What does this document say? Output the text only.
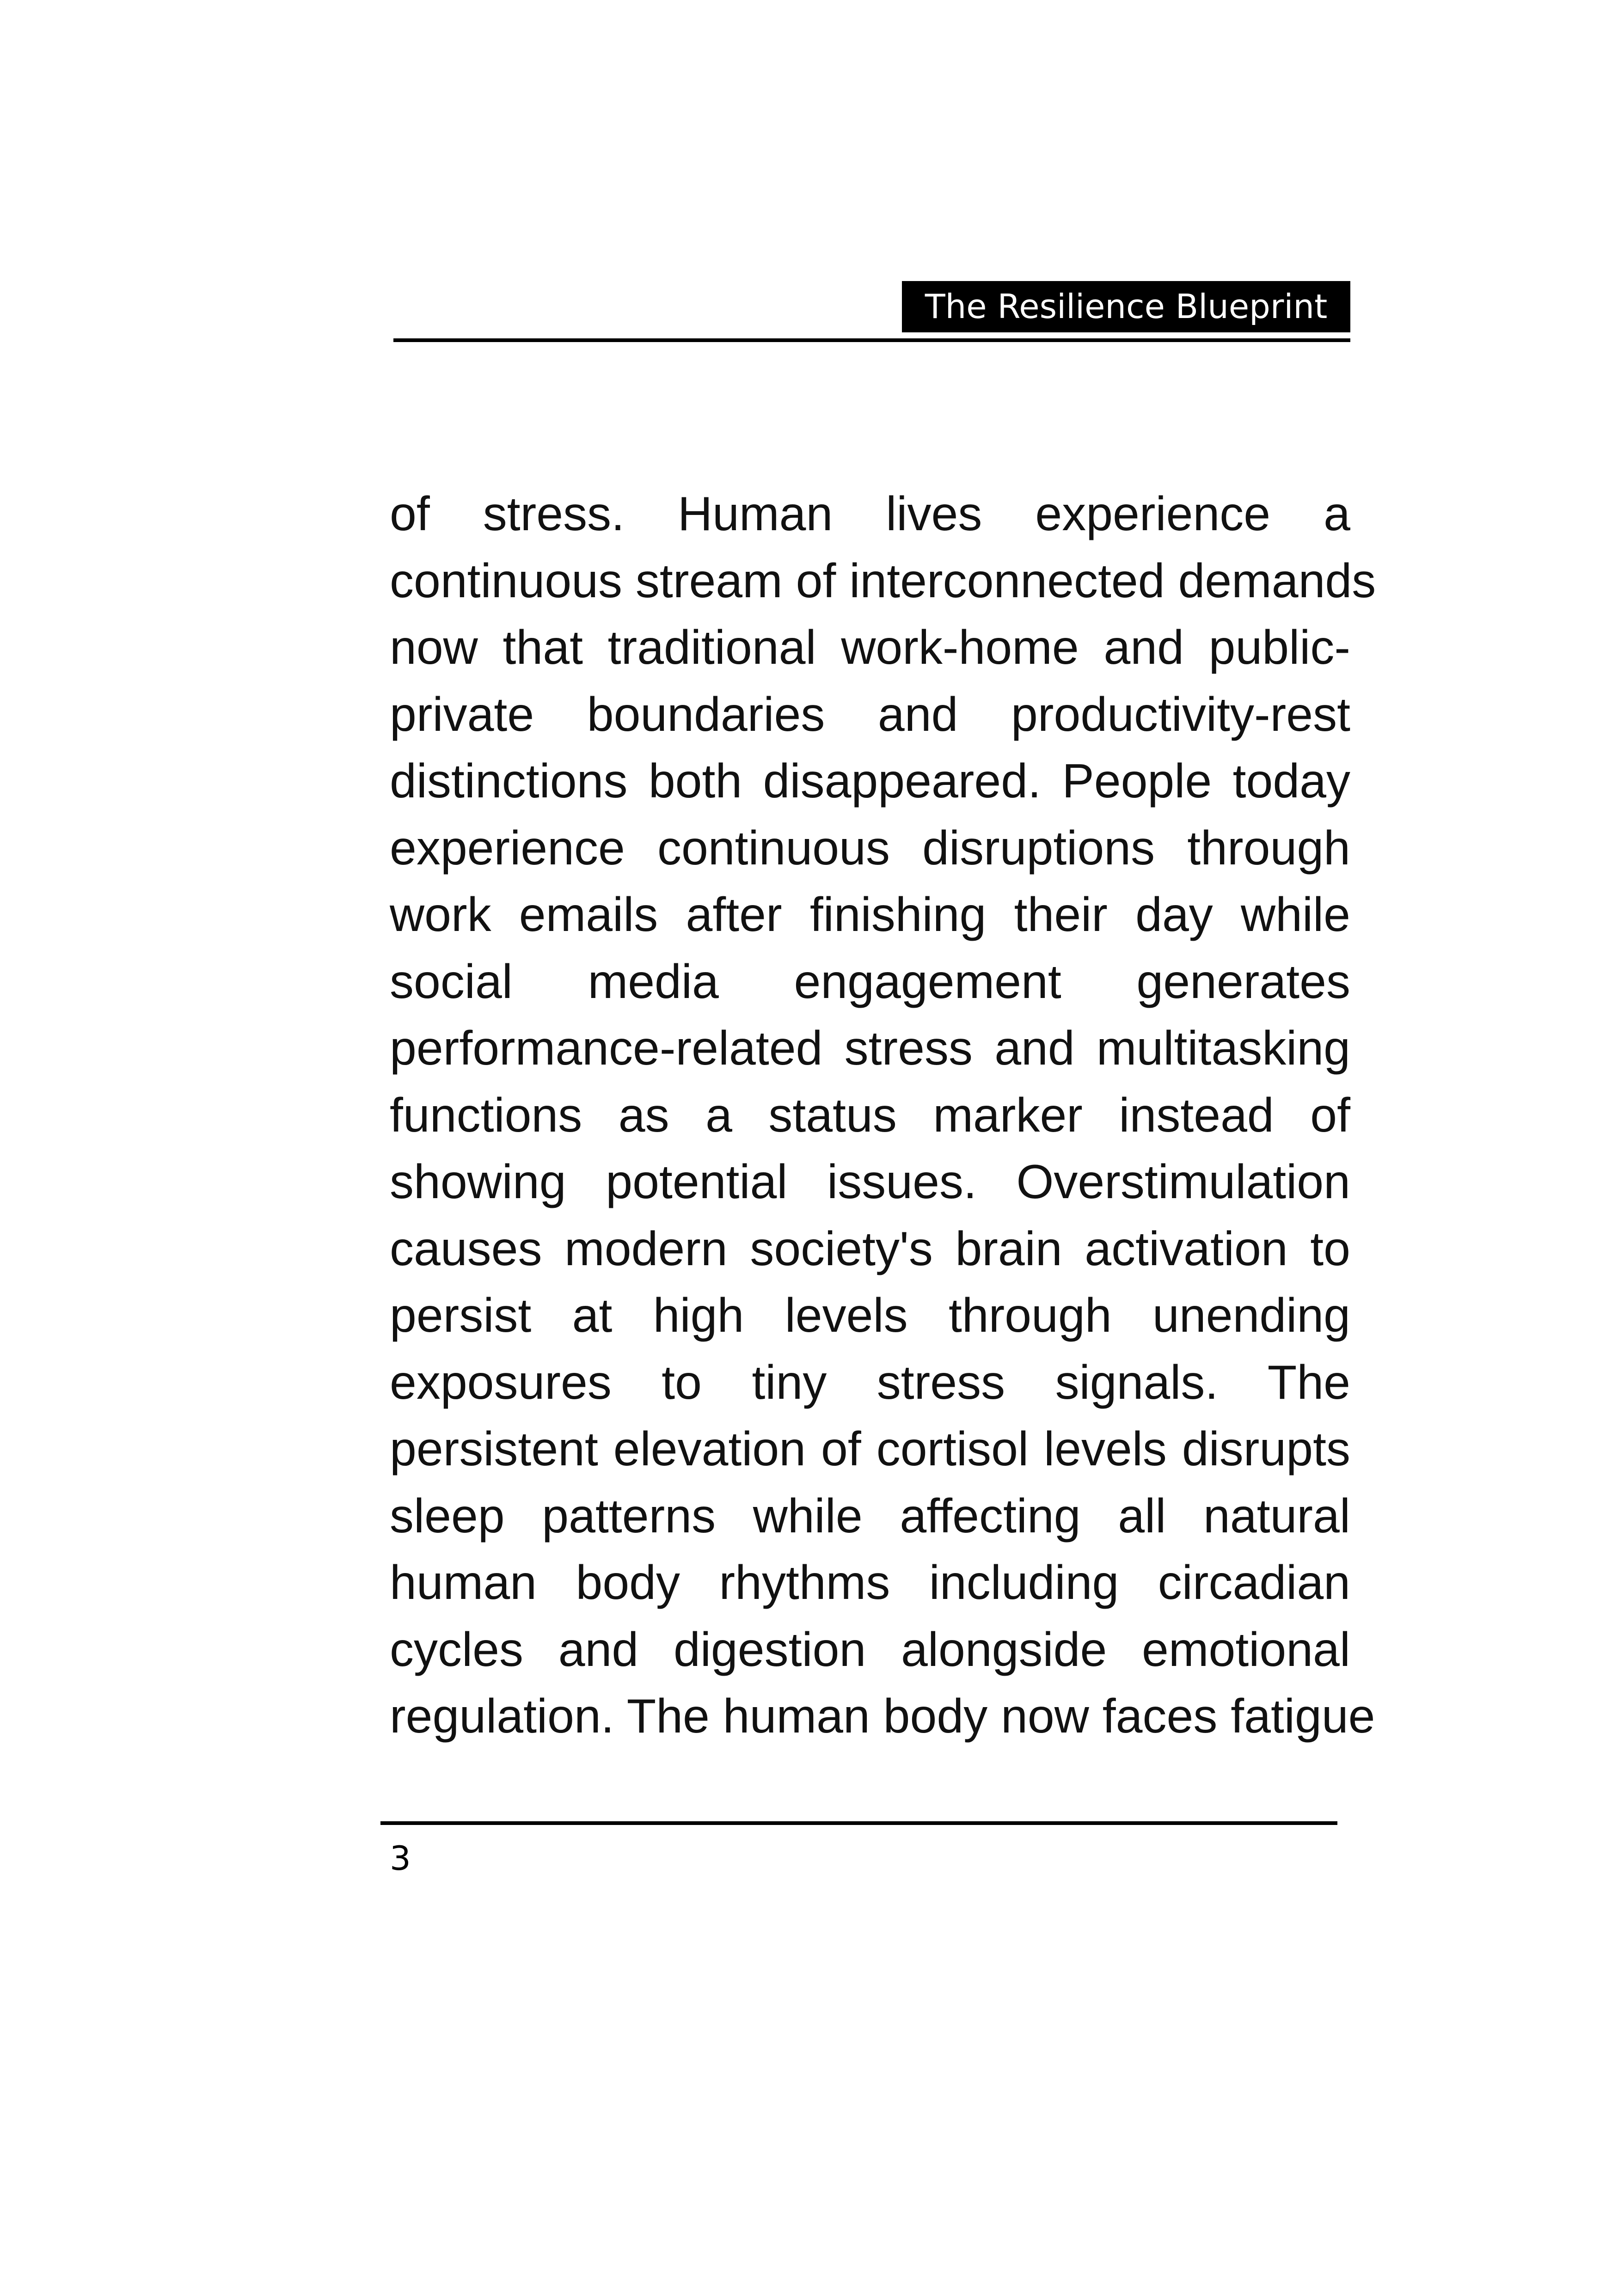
The Resilience Blueprint
of stress. Human lives experience a
continuous stream of interconnected demands
now that traditional work-home and public-
private boundaries and productivity-rest
distinctions both disappeared. People today
experience continuous disruptions through
work emails after finishing their day while
social media engagement generates
performance-related stress and multitasking
functions as a status marker instead of
showing potential issues. Overstimulation
causes modern society's brain activation to
persist at high levels through unending
exposures to tiny stress signals. The
persistent elevation of cortisol levels disrupts
sleep patterns while affecting all natural
human body rhythms including circadian
cycles and digestion alongside emotional
regulation. The human body now faces fatigue
3
